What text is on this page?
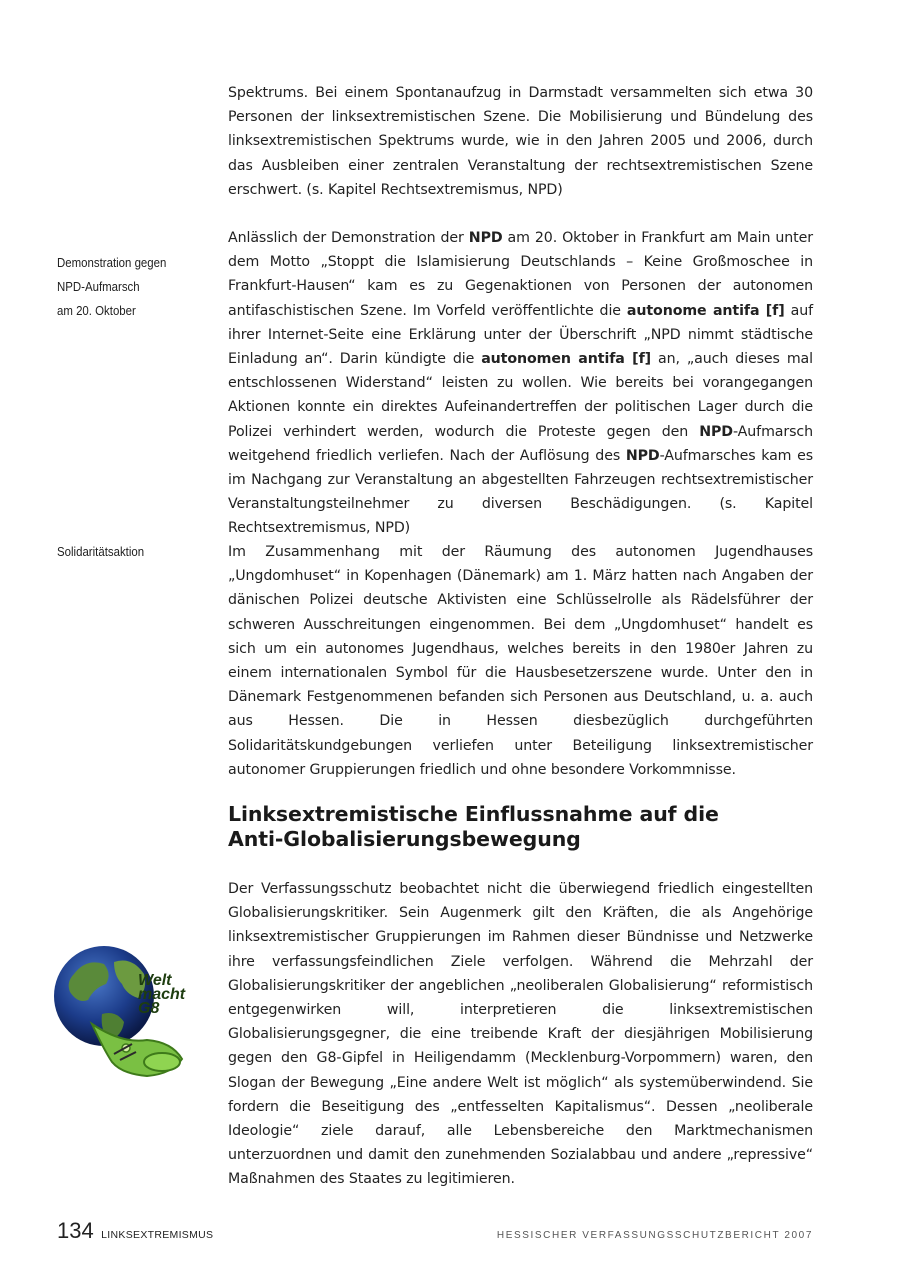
Spektrums. Bei einem Spontanaufzug in Darmstadt versammelten sich etwa 30 Personen der linksextremistischen Szene. Die Mobilisierung und Bündelung des linksextremistischen Spektrums wurde, wie in den Jahren 2005 und 2006, durch das Ausbleiben einer zentralen Veranstaltung der rechtsextremistischen Szene erschwert. (s. Kapitel Rechtsextremismus, NPD)

Anlässlich der Demonstration der NPD am 20. Oktober in Frankfurt am Main unter dem Motto „Stoppt die Islamisierung Deutschlands – Keine Großmoschee in Frankfurt-Hausen“ kam es zu Gegenaktionen von Personen der autonomen antifaschistischen Szene. Im Vorfeld veröffentlichte die autonome antifa [f] auf ihrer Internet-Seite eine Erklärung unter der Überschrift „NPD nimmt städtische Einladung an“. Darin kündigte die autonomen antifa [f] an, „auch dieses mal entschlossenen Widerstand“ leisten zu wollen. Wie bereits bei vorangegangen Aktionen konnte ein direktes Aufeinandertreffen der politischen Lager durch die Polizei verhindert werden, wodurch die Proteste gegen den NPD-Aufmarsch weitgehend friedlich verliefen. Nach der Auflösung des NPD-Aufmarsches kam es im Nachgang zur Veranstaltung an abgestellten Fahrzeugen rechtsextremistischer Veranstaltungsteilnehmer zu diversen Beschädigungen. (s. Kapitel Rechtsextremismus, NPD)

Demonstration gegen
NPD-Aufmarsch
am 20. Oktober

Im Zusammenhang mit der Räumung des autonomen Jugendhauses „Ungdomhuset“ in Kopenhagen (Dänemark) am 1. März hatten nach Angaben der dänischen Polizei deutsche Aktivisten eine Schlüsselrolle als Rädelsführer der schweren Ausschreitungen eingenommen. Bei dem „Ungdomhuset“ handelt es sich um ein autonomes Jugendhaus, welches bereits in den 1980er Jahren zu einem internationalen Symbol für die Hausbesetzerszene wurde. Unter den in Dänemark Festgenommenen befanden sich Personen aus Deutschland, u. a. auch aus Hessen. Die in Hessen diesbezüglich durchgeführten Solidaritätskundgebungen verliefen unter Beteiligung linksextremistischer autonomer Gruppierungen friedlich und ohne besondere Vorkommnisse.

Solidaritätsaktion
Linksextremistische Einflussnahme auf die
Anti-Globalisierungsbewegung

Der Verfassungsschutz beobachtet nicht die überwiegend friedlich eingestellten Globalisierungskritiker. Sein Augenmerk gilt den Kräften, die als Angehörige linksextremistischer Gruppierungen im Rahmen dieser Bündnisse und Netzwerke ihre verfassungsfeindlichen Ziele verfolgen. Während die Mehrzahl der Globalisierungskritiker der angeblichen „neoliberalen Globalisierung“ reformistisch entgegenwirken will, interpretieren die linksextremistischen Globalisierungsgegner, die eine treibende Kraft der diesjährigen Mobilisierung gegen den G8-Gipfel in Heiligendamm (Mecklenburg-Vorpommern) waren, den Slogan der Bewegung „Eine andere Welt ist möglich“ als systemüberwindend. Sie fordern die Beseitigung des „entfesselten Kapitalismus“. Dessen „neoliberale Ideologie“ ziele darauf, alle Lebensbereiche den Marktmechanismen unterzuordnen und damit den zunehmenden Sozialabbau und andere „repressive“ Maßnahmen des Staates zu legitimieren.

Welt
macht
G8
134 LINKSEXTREMISMUS	HESSISCHER VERFASSUNGSSCHUTZBERICHT 2007
